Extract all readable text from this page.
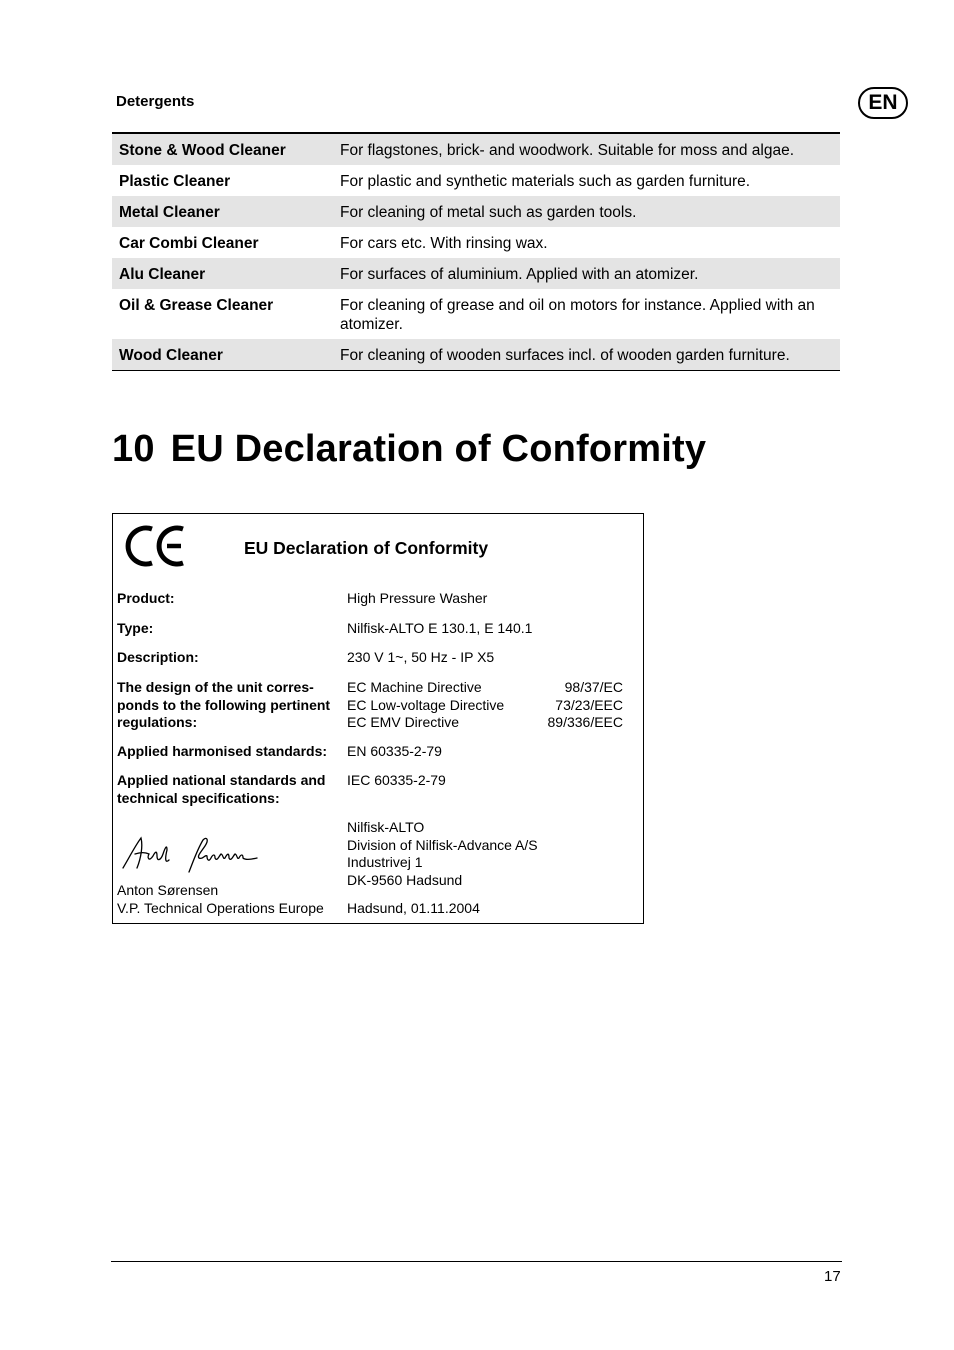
Detergents	EN
Stone & Wood Cleaner	For flagstones, brick- and woodwork. Suitable for moss and algae.
Plastic Cleaner	For plastic and synthetic materials such as garden furniture.
Metal Cleaner	For cleaning of metal such as garden tools.
Car Combi Cleaner	For cars etc. With rinsing wax.
Alu Cleaner	For surfaces of aluminium. Applied with an atomizer.
Oil & Grease Cleaner	For cleaning of grease and oil on motors for instance. Applied with an atomizer.
Wood Cleaner	For cleaning of wooden surfaces incl. of wooden garden furniture.
10 EU Declaration of Conformity
EU Declaration of Conformity
Product:	High Pressure Washer
Type:	Nilfisk-ALTO E 130.1, E 140.1
Description:	230 V 1~, 50 Hz - IP X5
The design of the unit corres- ponds to the following pertinent regulations:
EC Machine Directive	98/37/EC
EC Low-voltage Directive	73/23/EEC
EC EMV Directive	89/336/EEC
Applied harmonised standards:	EN 60335-2-79
Applied national standards and technical specifications:
IEC 60335-2-79
Nilfisk-ALTO
Division of Nilfisk-Advance A/S
Industrivej 1
DK-9560 Hadsund
Anton Sørensen
V.P. Technical Operations Europe	Hadsund, 01.11.2004
17
